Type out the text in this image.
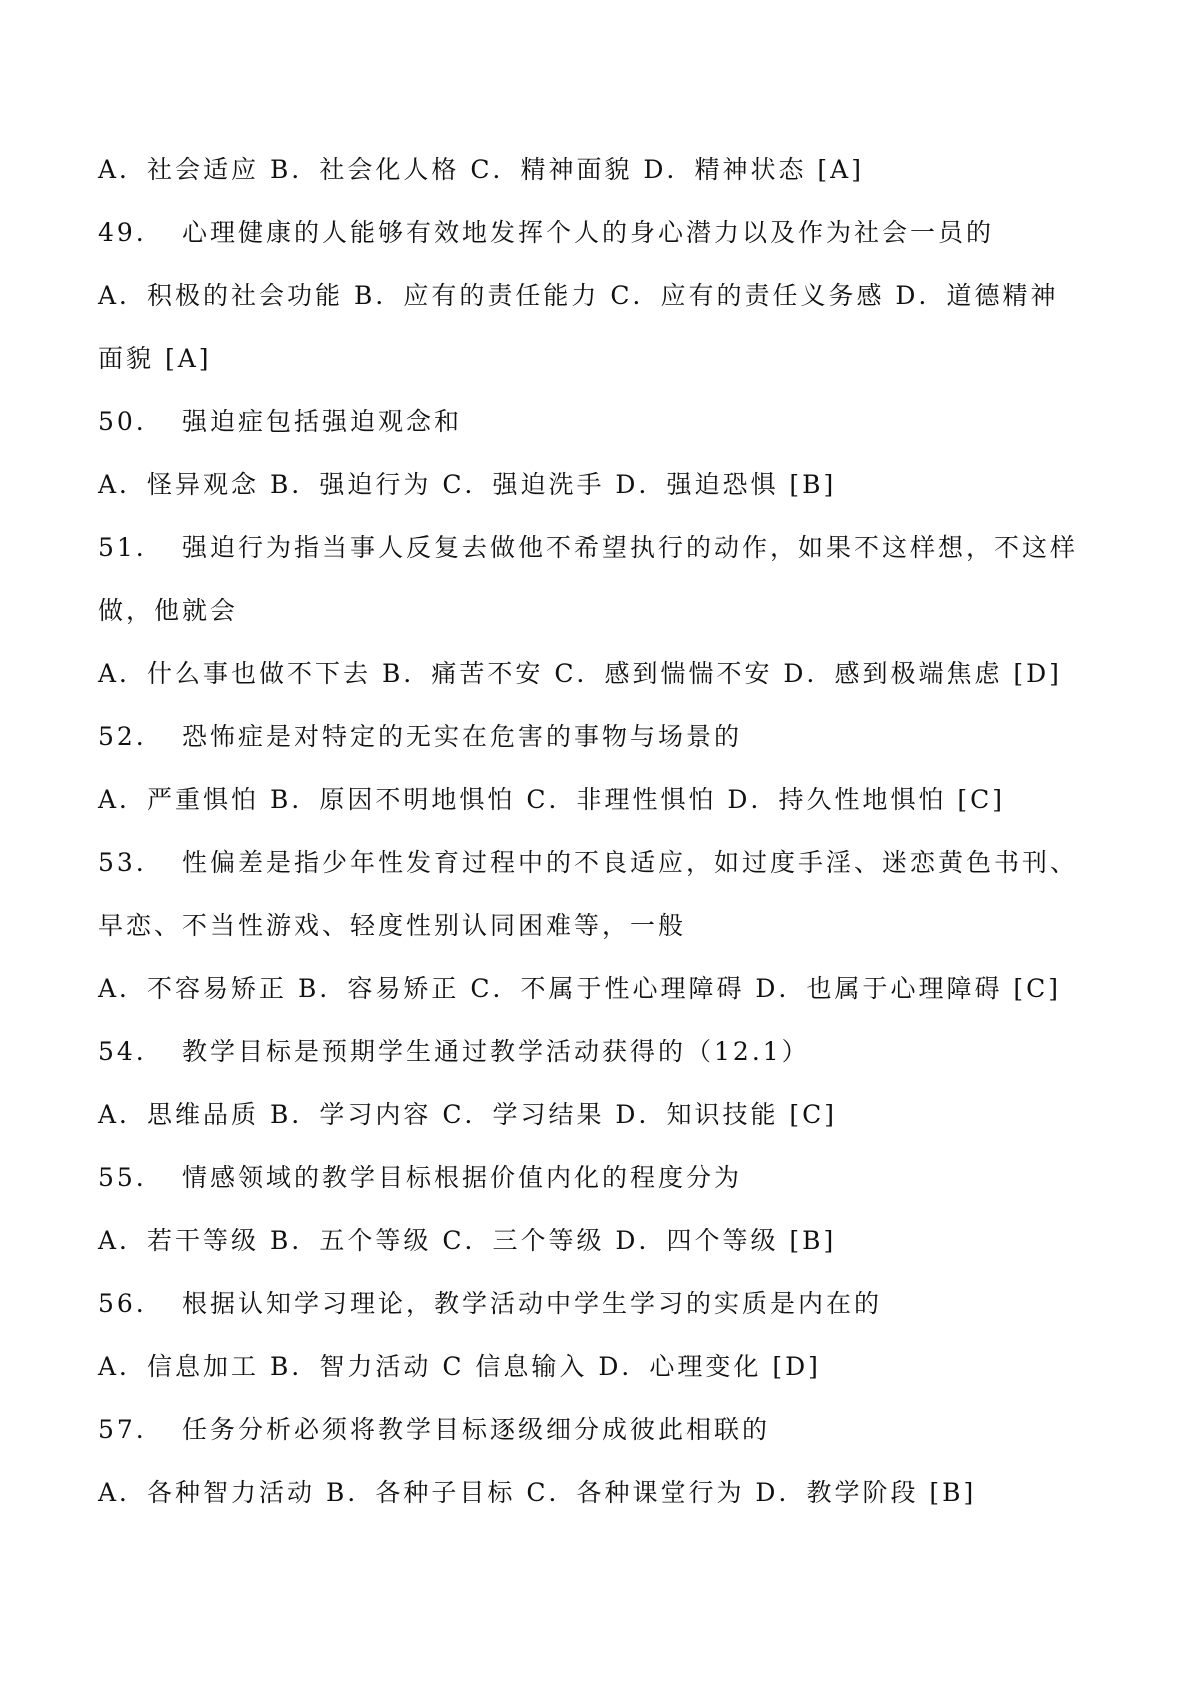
A．社会适应 B．社会化人格 C．精神面貌 D．精神状态 [A]
49. 心理健康的人能够有效地发挥个人的身心潜力以及作为社会一员的
A．积极的社会功能 B．应有的责任能力 C．应有的责任义务感 D．道德精神
面貌 [A]
50. 强迫症包括强迫观念和
A．怪异观念 B．强迫行为 C．强迫洗手 D．强迫恐惧 [B]
51. 强迫行为指当事人反复去做他不希望执行的动作，如果不这样想，不这样
做，他就会
A．什么事也做不下去 B．痛苦不安 C．感到惴惴不安 D．感到极端焦虑 [D]
52. 恐怖症是对特定的无实在危害的事物与场景的
A．严重惧怕 B．原因不明地惧怕 C．非理性惧怕 D．持久性地惧怕 [C]
53. 性偏差是指少年性发育过程中的不良适应，如过度手淫、迷恋黄色书刊、
早恋、不当性游戏、轻度性别认同困难等，一般
A．不容易矫正 B．容易矫正 C．不属于性心理障碍 D．也属于心理障碍 [C]
54. 教学目标是预期学生通过教学活动获得的（12.1）
A．思维品质 B．学习内容 C．学习结果 D．知识技能 [C]
55. 情感领域的教学目标根据价值内化的程度分为
A．若干等级 B．五个等级 C．三个等级 D．四个等级 [B]
56. 根据认知学习理论，教学活动中学生学习的实质是内在的
A．信息加工 B．智力活动 C 信息输入 D．心理变化 [D]
57. 任务分析必须将教学目标逐级细分成彼此相联的
A．各种智力活动 B．各种子目标 C．各种课堂行为 D．教学阶段 [B]
